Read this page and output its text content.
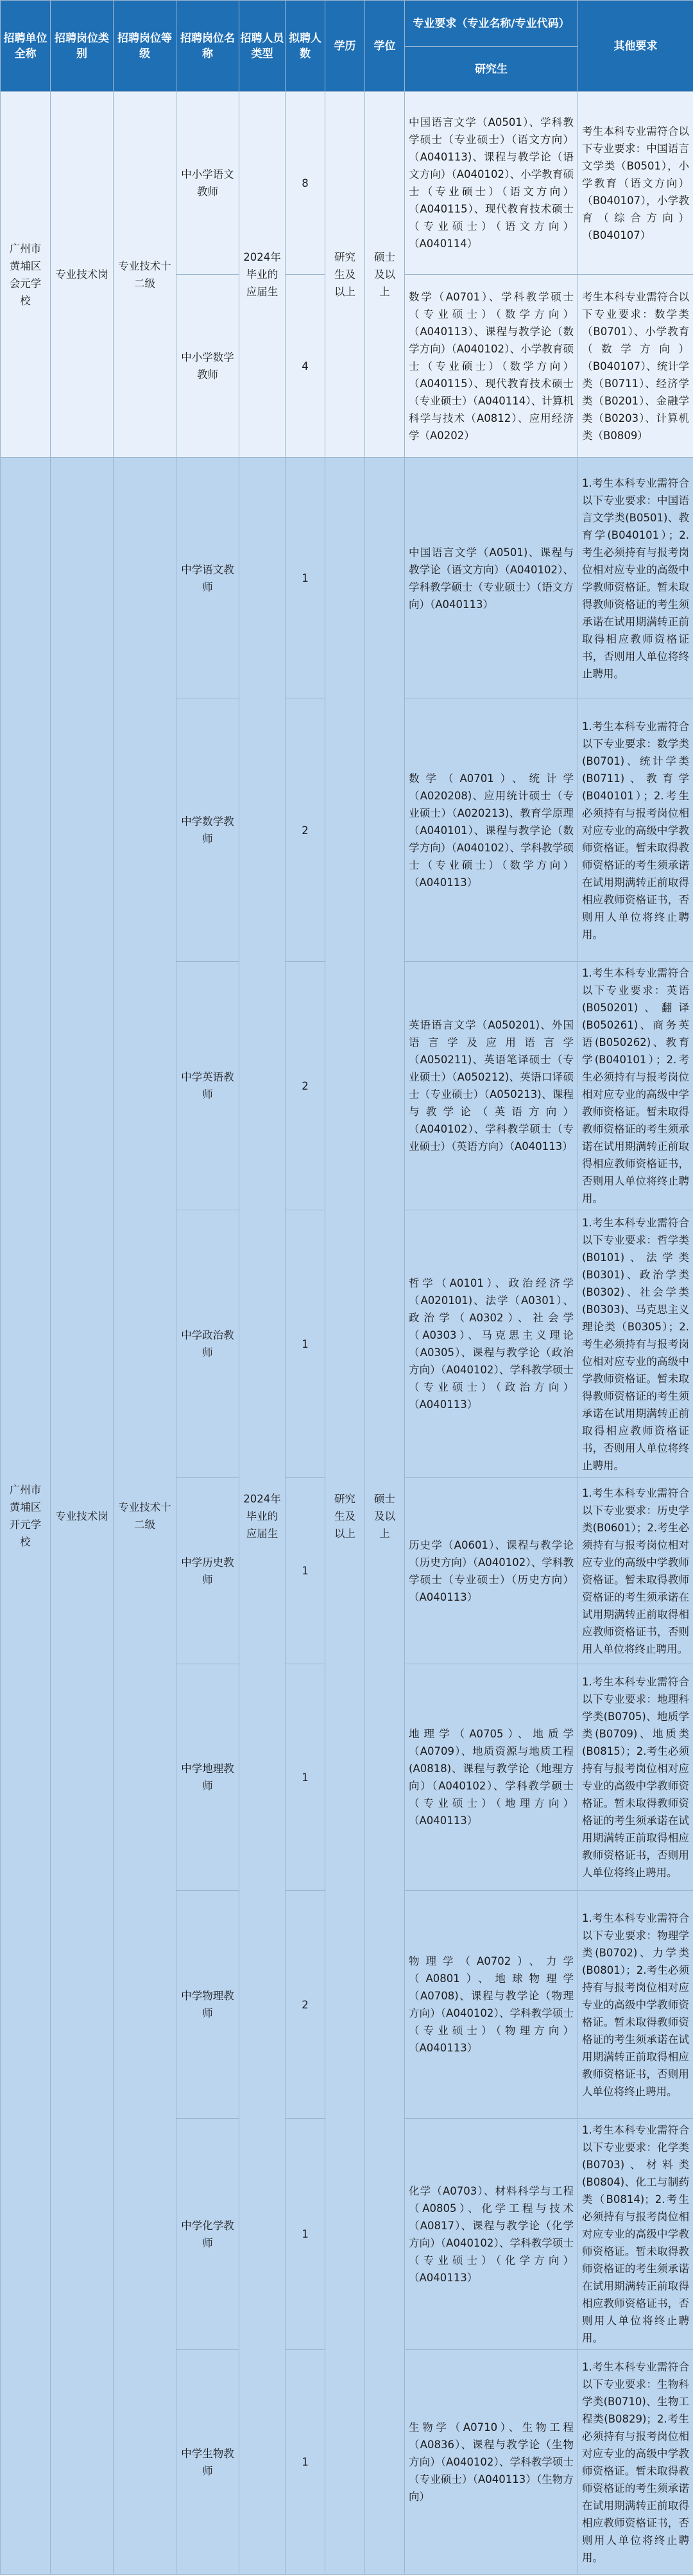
招聘单位全称	招聘岗位类别	招聘岗位等级	招聘岗位名称	招聘人员类型	拟聘人数	学历	学位	专业要求（专业名称/专业代码）	其他要求
								研究生	
广州市黄埔区会元学校	专业技术岗	专业技术十二级	中小学语文教师	2024年毕业的应届生	8	研究生及以上	硕士及以上	中国语言文学（A0501）、学科教学硕士（专业硕士）（语文方向）（A040113)、课程与教学论（语文方向）（A040102）、小学教育硕士（专业硕士）（语文方向）（A040115）、现代教育技术硕士（专业硕士）（语文方向）（A040114）	考生本科专业需符合以下专业要求：中国语言文学类（B0501），小学教育（语文方向）（B040107），小学教育（综合方向）（B040107）
			中小学数学教师		4			数学（A0701）、学科教学硕士（专业硕士）（数学方向）（A040113）、课程与教学论（数学方向）（A040102）、小学教育硕士（专业硕士）（数学方向）（A040115）、现代教育技术硕士（专业硕士）（A040114）、计算机科学与技术（A0812）、应用经济学（A0202）	考生本科专业需符合以下专业要求：数学类（B0701）、小学教育（数学方向）（B040107）、统计学类（B0711）、经济学类（B0201）、金融学类（B0203）、计算机类（B0809）
广州市黄埔区开元学校	专业技术岗	专业技术十二级	中学语文教师	2024年毕业的应届生	1	研究生及以上	硕士及以上	中国语言文学（A0501)、课程与教学论（语文方向）（A040102）、学科教学硕士（专业硕士）（语文方向）（A040113）	1.考生本科专业需符合以下专业要求：中国语言文学类(B0501)、教育学(B040101）；2.考生必须持有与报考岗位相对应专业的高级中学教师资格证。暂未取得教师资格证的考生须承诺在试用期满转正前取得相应教师资格证书，否则用人单位将终止聘用。
			中学数学教师		2			数学（A0701）、统计学（A020208)、应用统计硕士（专业硕士）（A020213)、教育学原理（A040101）、课程与教学论（数学方向）（A040102）、学科教学硕士（专业硕士）（数学方向）（A040113）	1.考生本科专业需符合以下专业要求：数学类(B0701)、统计学类(B0711)、教育学(B040101）；2.考生必须持有与报考岗位相对应专业的高级中学教师资格证。暂未取得教师资格证的考生须承诺在试用期满转正前取得相应教师资格证书，否则用人单位将终止聘用。
			中学英语教师		2			英语语言文学（A050201)、外国语言学及应用语言学（A050211)、英语笔译硕士（专业硕士）（A050212)、英语口译硕士（专业硕士）（A050213)、课程与教学论（英语方向）（A040102）、学科教学硕士（专业硕士）（英语方向）（A040113）	1.考生本科专业需符合以下专业要求：英语(B050201)、翻译(B050261)、商务英语(B050262)、教育学(B040101）；2.考生必须持有与报考岗位相对应专业的高级中学教师资格证。暂未取得教师资格证的考生须承诺在试用期满转正前取得相应教师资格证书，否则用人单位将终止聘用。
			中学政治教师		1			哲学（A0101）、政治经济学（A020101)、法学（A0301）、政治学（A0302）、社会学（A0303）、马克思主义理论（A0305）、课程与教学论（政治方向）（A040102）、学科教学硕士（专业硕士）（政治方向）（A040113）	1.考生本科专业需符合以下专业要求：哲学类(B0101)、法学类(B0301)、政治学类(B0302)、社会学类(B0303)、马克思主义理论类（B0305）；2.考生必须持有与报考岗位相对应专业的高级中学教师资格证。暂未取得教师资格证的考生须承诺在试用期满转正前取得相应教师资格证书，否则用人单位将终止聘用。
			中学历史教师		1			历史学（A0601）、课程与教学论（历史方向）（A040102）、学科教学硕士（专业硕士）（历史方向）（A040113）	1.考生本科专业需符合以下专业要求：历史学类(B0601）；2.考生必须持有与报考岗位相对应专业的高级中学教师资格证。暂未取得教师资格证的考生须承诺在试用期满转正前取得相应教师资格证书，否则用人单位将终止聘用。
			中学地理教师		1			地理学（A0705）、地质学（A0709）、地质资源与地质工程(A0818)、课程与教学论（地理方向）（A040102）、学科教学硕士（专业硕士）（地理方向）（A040113）	1.考生本科专业需符合以下专业要求：地理科学类(B0705)、地质学类(B0709)、地质类(B0815）；2.考生必须持有与报考岗位相对应专业的高级中学教师资格证。暂未取得教师资格证的考生须承诺在试用期满转正前取得相应教师资格证书，否则用人单位将终止聘用。
			中学物理教师		2			物理学（A0702）、力学（A0801）、地球物理学（A0708)、课程与教学论（物理方向）（A040102）、学科教学硕士（专业硕士）（物理方向）（A040113）	1.考生本科专业需符合以下专业要求：物理学类(B0702)、力学类(B0801）；2.考生必须持有与报考岗位相对应专业的高级中学教师资格证。暂未取得教师资格证的考生须承诺在试用期满转正前取得相应教师资格证书，否则用人单位将终止聘用。
			中学化学教师		1			化学（A0703）、材料科学与工程（A0805）、化学工程与技术（A0817）、课程与教学论（化学方向）（A040102）、学科教学硕士（专业硕士）（化学方向）（A040113）	1.考生本科专业需符合以下专业要求：化学类(B0703)、材料类(B0804)、化工与制药类（B0814)；2.考生必须持有与报考岗位相对应专业的高级中学教师资格证。暂未取得教师资格证的考生须承诺在试用期满转正前取得相应教师资格证书，否则用人单位将终止聘用。
			中学生物教师		1			生物学（A0710）、生物工程（A0836）、课程与教学论（生物方向）（A040102）、学科教学硕士（专业硕士）（A040113）（生物方向）	1.考生本科专业需符合以下专业要求：生物科学类(B0710)、生物工程类(B0829)；2.考生必须持有与报考岗位相对应专业的高级中学教师资格证。暂未取得教师资格证的考生须承诺在试用期满转正前取得相应教师资格证书，否则用人单位将终止聘用。
